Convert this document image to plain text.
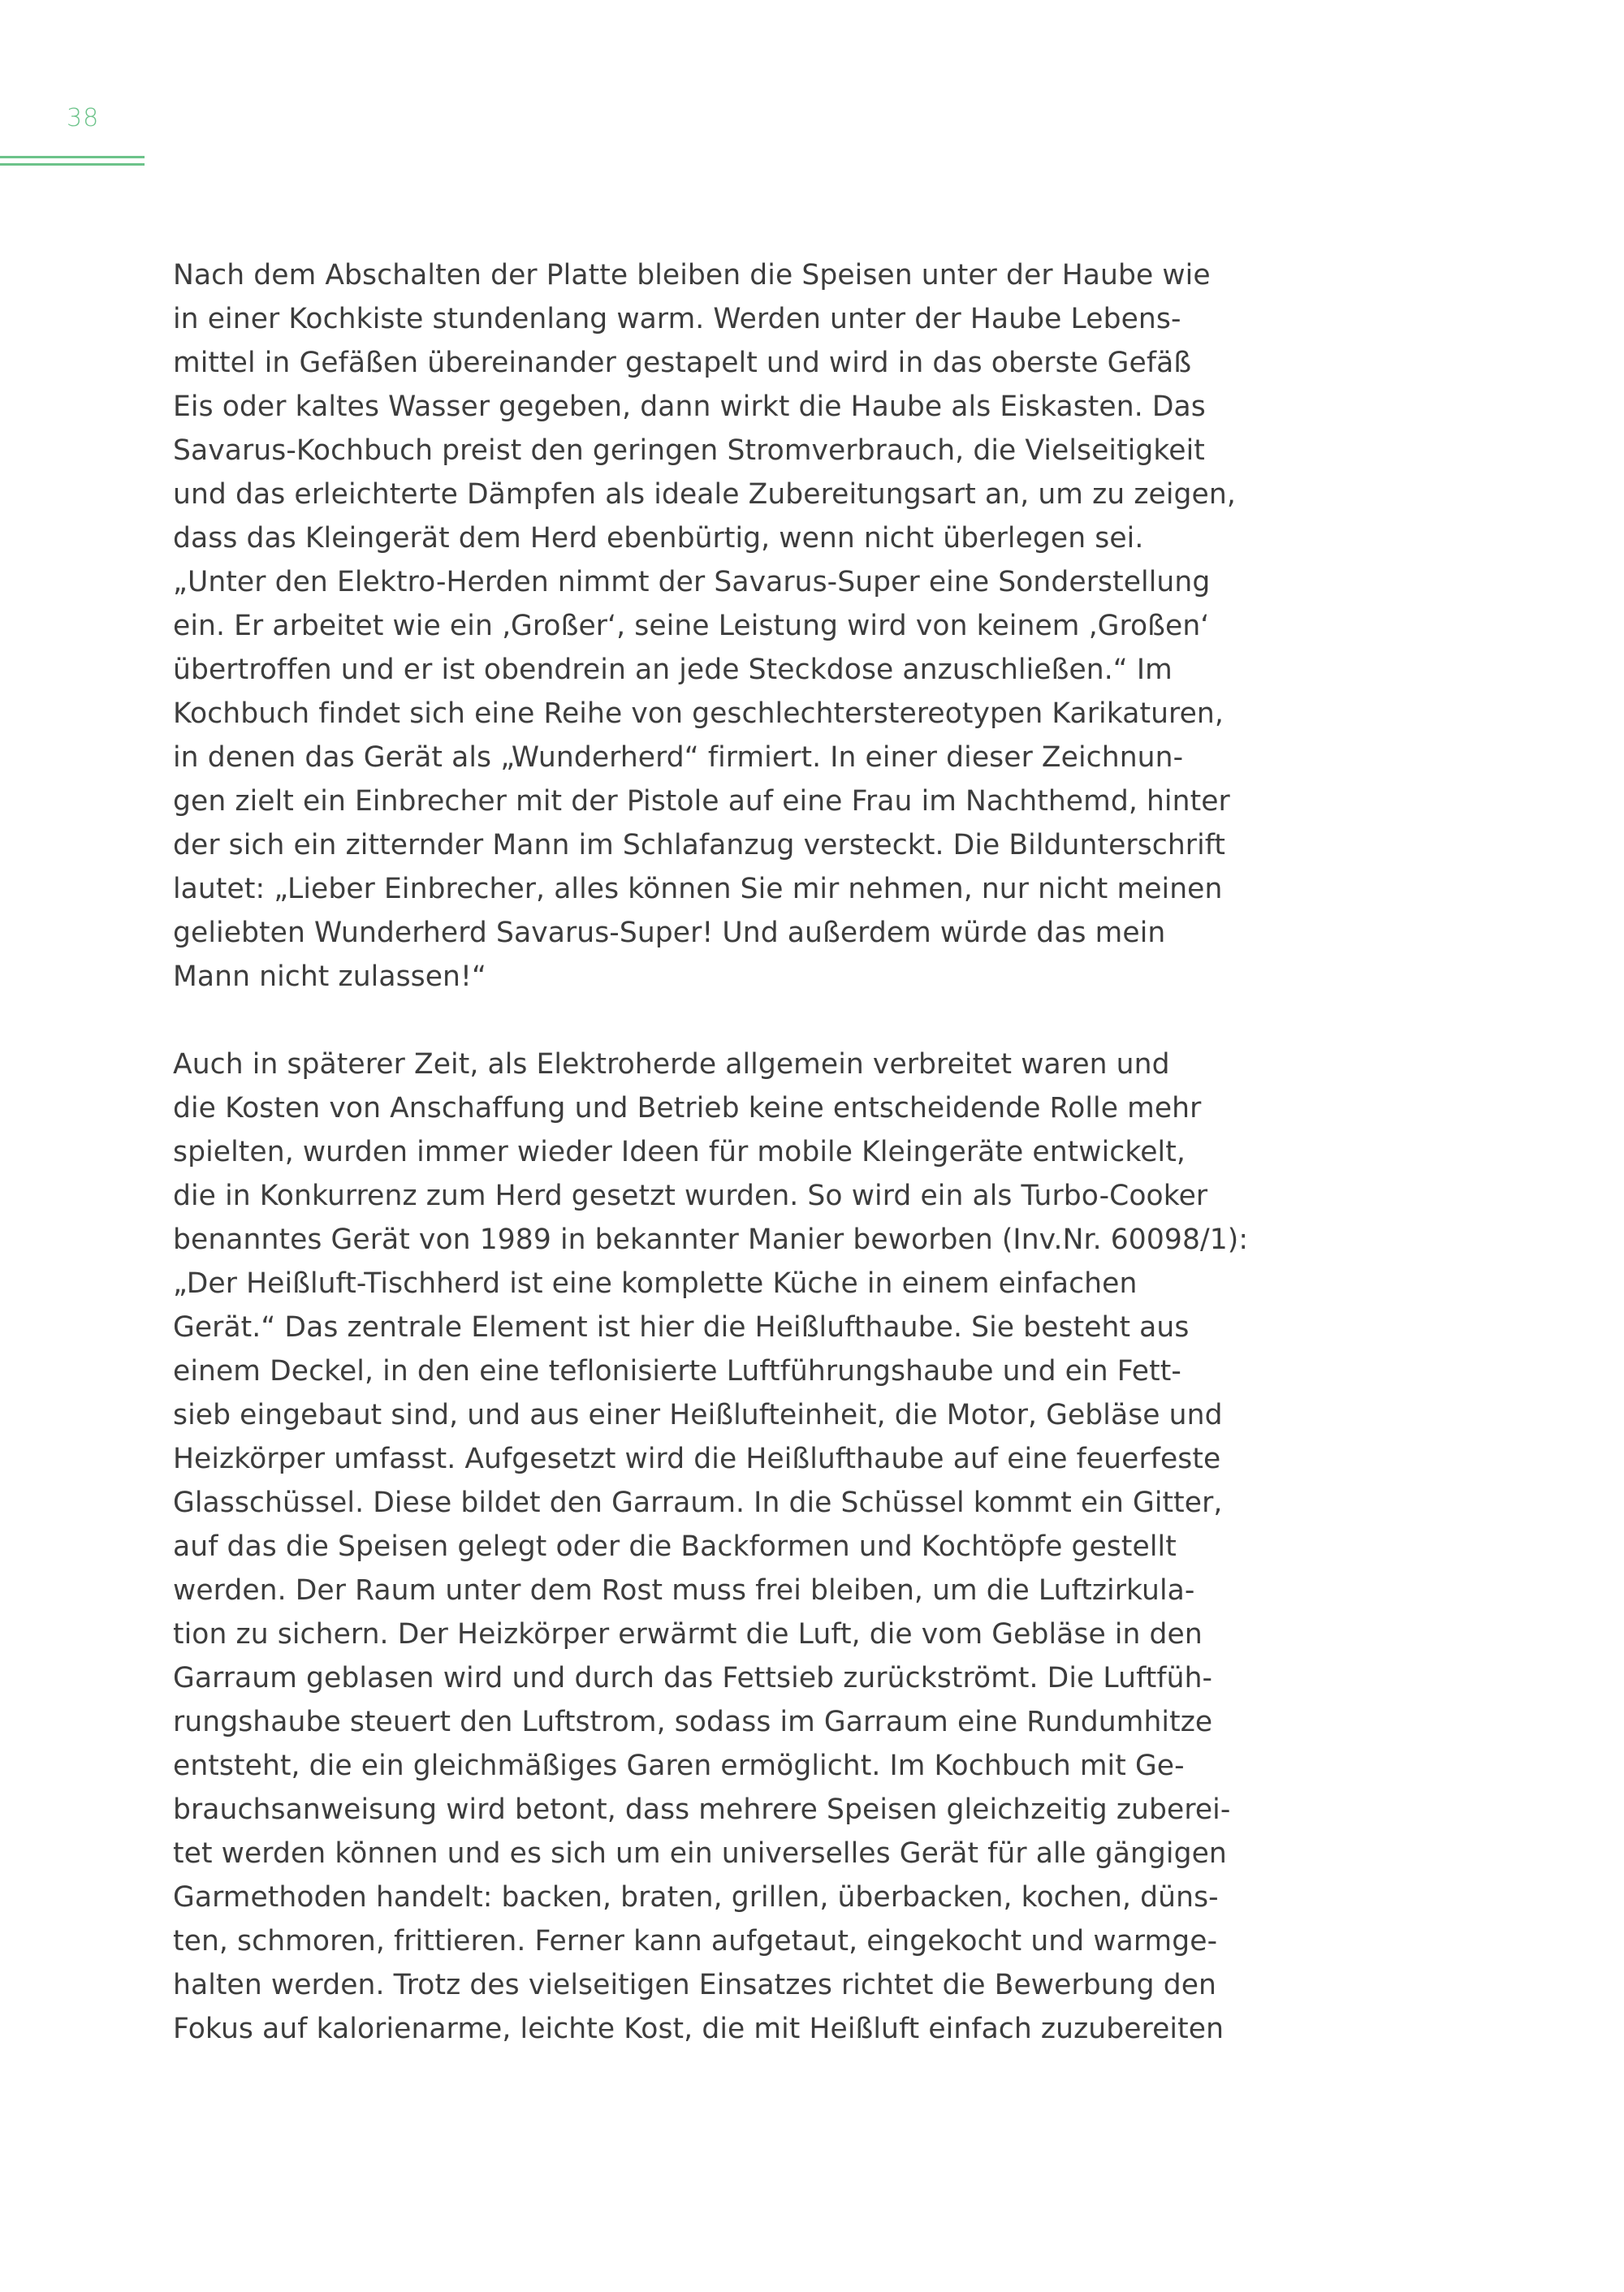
38
Nach dem Abschalten der Platte bleiben die Speisen unter der Haube wie
in einer Kochkiste stundenlang warm. Werden unter der Haube Lebens-
mittel in Gefäßen übereinander gestapelt und wird in das oberste Gefäß
Eis oder kaltes Wasser gegeben, dann wirkt die Haube als Eiskasten. Das
Savarus-Kochbuch preist den geringen Stromverbrauch, die Vielseitigkeit
und das erleichterte Dämpfen als ideale Zubereitungsart an, um zu zeigen,
dass das Kleingerät dem Herd ebenbürtig, wenn nicht überlegen sei.
„Unter den Elektro-Herden nimmt der Savarus-Super eine Sonderstellung
ein. Er arbeitet wie ein ‚Großer‘, seine Leistung wird von keinem ‚Großen‘
übertroffen und er ist obendrein an jede Steckdose anzuschließen.“ Im
Kochbuch findet sich eine Reihe von geschlechterstereotypen Karikaturen,
in denen das Gerät als „Wunderherd“ firmiert. In einer dieser Zeichnun-
gen zielt ein Einbrecher mit der Pistole auf eine Frau im Nachthemd, hinter
der sich ein zitternder Mann im Schlafanzug versteckt. Die Bildunterschrift
lautet: „Lieber Einbrecher, alles können Sie mir nehmen, nur nicht meinen
geliebten Wunderherd Savarus-Super! Und außerdem würde das mein
Mann nicht zulassen!“
Auch in späterer Zeit, als Elektroherde allgemein verbreitet waren und
die Kosten von Anschaffung und Betrieb keine entscheidende Rolle mehr
spielten, wurden immer wieder Ideen für mobile Kleingeräte entwickelt,
die in Konkurrenz zum Herd gesetzt wurden. So wird ein als Turbo-Cooker
benanntes Gerät von 1989 in bekannter Manier beworben (Inv.Nr. 60098/1):
„Der Heißluft-Tischherd ist eine komplette Küche in einem einfachen
Gerät.“ Das zentrale Element ist hier die Heißlufthaube. Sie besteht aus
einem Deckel, in den eine teflonisierte Luftführungshaube und ein Fett-
sieb eingebaut sind, und aus einer Heißlufteinheit, die Motor, Gebläse und
Heizkörper umfasst. Aufgesetzt wird die Heißlufthaube auf eine feuerfeste
Glasschüssel. Diese bildet den Garraum. In die Schüssel kommt ein Gitter,
auf das die Speisen gelegt oder die Backformen und Kochtöpfe gestellt
werden. Der Raum unter dem Rost muss frei bleiben, um die Luftzirkula-
tion zu sichern. Der Heizkörper erwärmt die Luft, die vom Gebläse in den
Garraum geblasen wird und durch das Fettsieb zurückströmt. Die Luftfüh-
rungshaube steuert den Luftstrom, sodass im Garraum eine Rundumhitze
entsteht, die ein gleichmäßiges Garen ermöglicht. Im Kochbuch mit Ge-
brauchsanweisung wird betont, dass mehrere Speisen gleichzeitig zuberei-
tet werden können und es sich um ein universelles Gerät für alle gängigen
Garmethoden handelt: backen, braten, grillen, überbacken, kochen, düns-
ten, schmoren, frittieren. Ferner kann aufgetaut, eingekocht und warmge-
halten werden. Trotz des vielseitigen Einsatzes richtet die Bewerbung den
Fokus auf kalorienarme, leichte Kost, die mit Heißluft einfach zuzubereiten
